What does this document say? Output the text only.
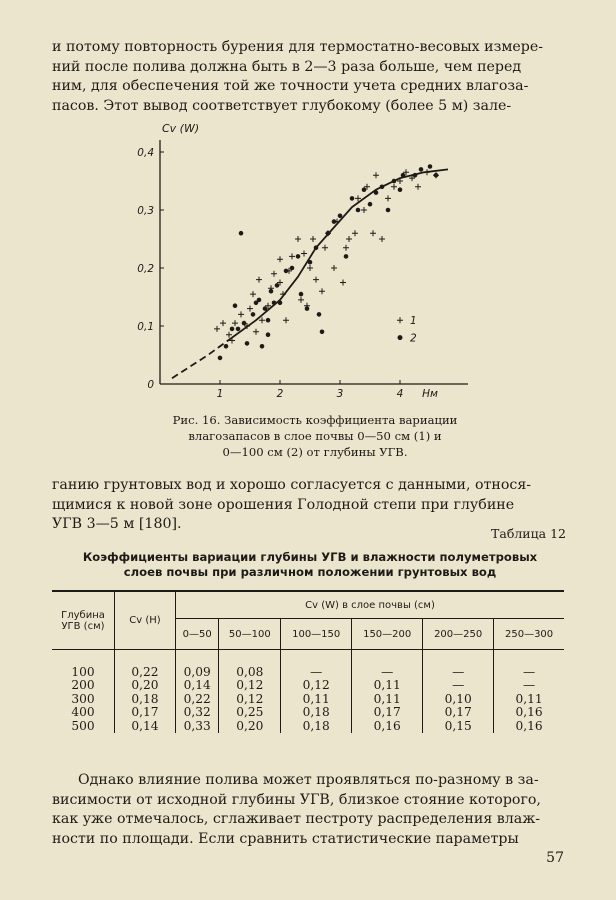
и потому повторность бурения для термостатно-весовых измере-
ний после полива должна быть в 2—3 раза больше, чем перед
ним, для обеспечения той же точности учета средних влагоза-
пасов. Этот вывод соответствует глубокому (более 5 м) зале-
Cv (W)
1	2	3	4 Hм
0
0,1
0,2
0,3
0,4
1
2
Рис. 16. Зависимость коэффициента вариации
влагозапасов в слое почвы 0—50 см (1) и
0—100 см (2) от глубины УГВ.
ганию грунтовых вод и хорошо согласуется с данными, относя-
щимися к новой зоне орошения Голодной степи при глубине
УГВ 3—5 м [180].
Таблица 12
Коэффициенты вариации глубины УГВ и влажности полуметровых
слоев почвы при различном положении грунтовых вод
Глубина УГВ (см)	Cv (H)	Cv (W) в слое почвы (см)					
		0—50	50—100	100—150	150—200	200—250	250—300
100	0,22	0,09	0,08	—	—	—	—
200	0,20	0,14	0,12	0,12	0,11	—	—
300	0,18	0,22	0,12	0,11	0,11	0,10	0,11
400	0,17	0,32	0,25	0,18	0,17	0,17	0,16
500	0,14	0,33	0,20	0,18	0,16	0,15	0,16
Однако влияние полива может проявляться по-разному в за-
висимости от исходной глубины УГВ, близкое стояние которого,
как уже отмечалось, сглаживает пестроту распределения влаж-
ности по площади. Если сравнить статистические параметры
57
